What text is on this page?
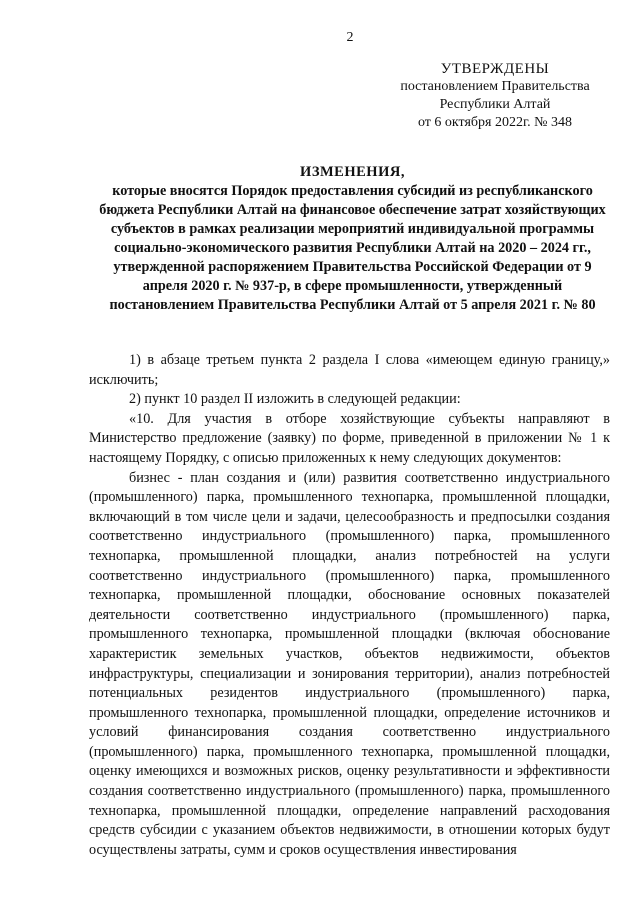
2
УТВЕРЖДЕНЫ
постановлением Правительства
Республики Алтай
от 6 октября 2022г. № 348
ИЗМЕНЕНИЯ,
которые вносятся Порядок предоставления субсидий из республиканского бюджета Республики Алтай на финансовое обеспечение затрат хозяйствующих субъектов в рамках реализации мероприятий индивидуальной программы социально-экономического развития Республики Алтай на 2020 – 2024 гг., утвержденной распоряжением Правительства Российской Федерации от 9 апреля 2020 г. № 937-р, в сфере промышленности, утвержденный постановлением Правительства Республики Алтай от 5 апреля 2021 г. № 80

1) в абзаце третьем пункта 2 раздела I слова «имеющем единую границу,» исключить;

2) пункт 10 раздел II изложить в следующей редакции:

«10. Для участия в отборе хозяйствующие субъекты направляют в Министерство предложение (заявку) по форме, приведенной в приложении № 1 к настоящему Порядку, с описью приложенных к нему следующих документов:

бизнес - план создания и (или) развития соответственно индустриального (промышленного) парка, промышленного технопарка, промышленной площадки, включающий в том числе цели и задачи, целесообразность и предпосылки создания соответственно индустриального (промышленного) парка, промышленного технопарка, промышленной площадки, анализ потребностей на услуги соответственно индустриального (промышленного) парка, промышленного технопарка, промышленной площадки, обоснование основных показателей деятельности соответственно индустриального (промышленного) парка, промышленного технопарка, промышленной площадки (включая обоснование характеристик земельных участков, объектов недвижимости, объектов инфраструктуры, специализации и зонирования территории), анализ потребностей потенциальных резидентов индустриального (промышленного) парка, промышленного технопарка, промышленной площадки, определение источников и условий финансирования создания соответственно индустриального (промышленного) парка, промышленного технопарка, промышленной площадки, оценку имеющихся и возможных рисков, оценку результативности и эффективности создания соответственно индустриального (промышленного) парка, промышленного технопарка, промышленной площадки, определение направлений расходования средств субсидии с указанием объектов недвижимости, в отношении которых будут осуществлены затраты, сумм и сроков осуществления инвестирования
